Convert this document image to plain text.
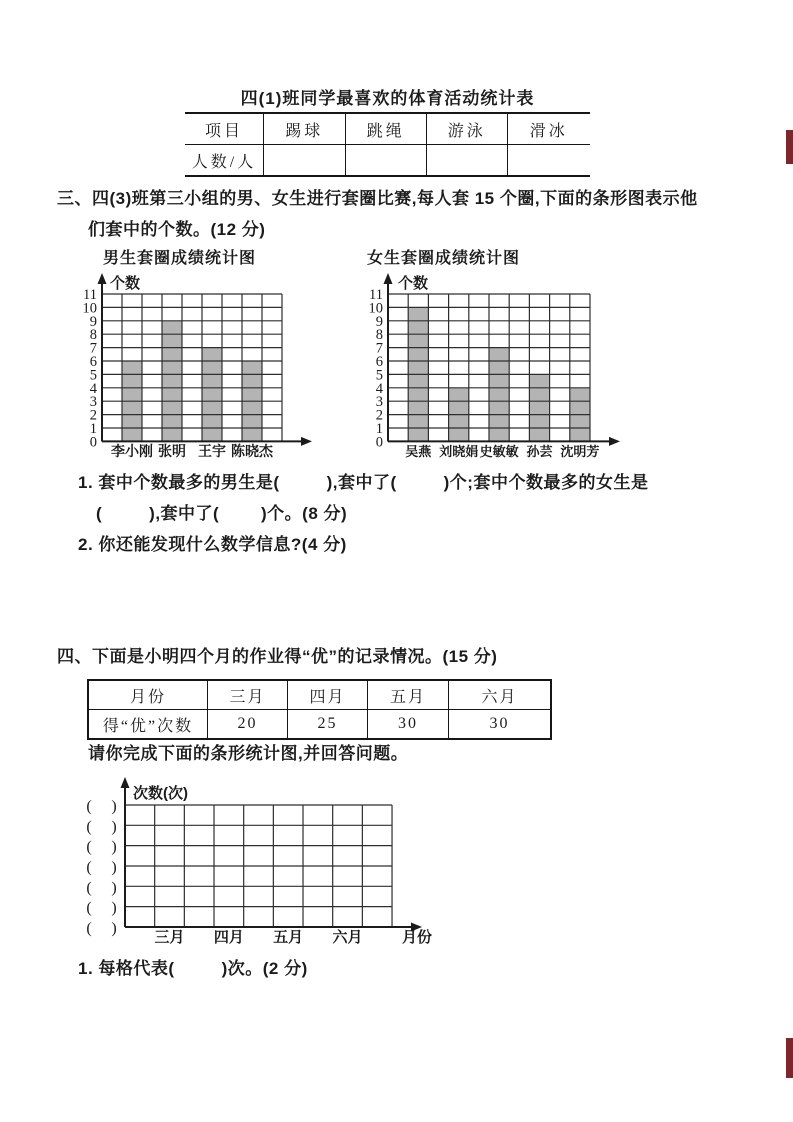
四(1)班同学最喜欢的体育活动统计表
项目	踢球	跳绳	游泳	滑冰
人数/人
三、四(3)班第三小组的男、女生进行套圈比赛,每人套 15 个圈,下面的条形图表示他
们套中的个数。(12 分)
男生套圈成绩统计图	女生套圈成绩统计图
11
10
9
8
7
6
5
4
3
2
1
0
个数
李小刚 张明 王宇 陈晓杰
11
10
9
8
7
6
5
4
3
2
1
0
个数
吴燕 刘晓娟 史敏敏 孙芸 沈明芳
1. 套中个数最多的男生是(         ),套中了(         )个;套中个数最多的女生是
(         ),套中了(        )个。(8 分)
2. 你还能发现什么数学信息?(4 分)
四、下面是小明四个月的作业得“优”的记录情况。(15 分)
月份	三月	四月	五月	六月
得“优”次数	20	25	30	30
请你完成下面的条形统计图,并回答问题。
( )
( )
( )
( )
( )
( )
( )
次数(次)
三月 四月 五月 六月	月份
1. 每格代表(         )次。(2 分)
